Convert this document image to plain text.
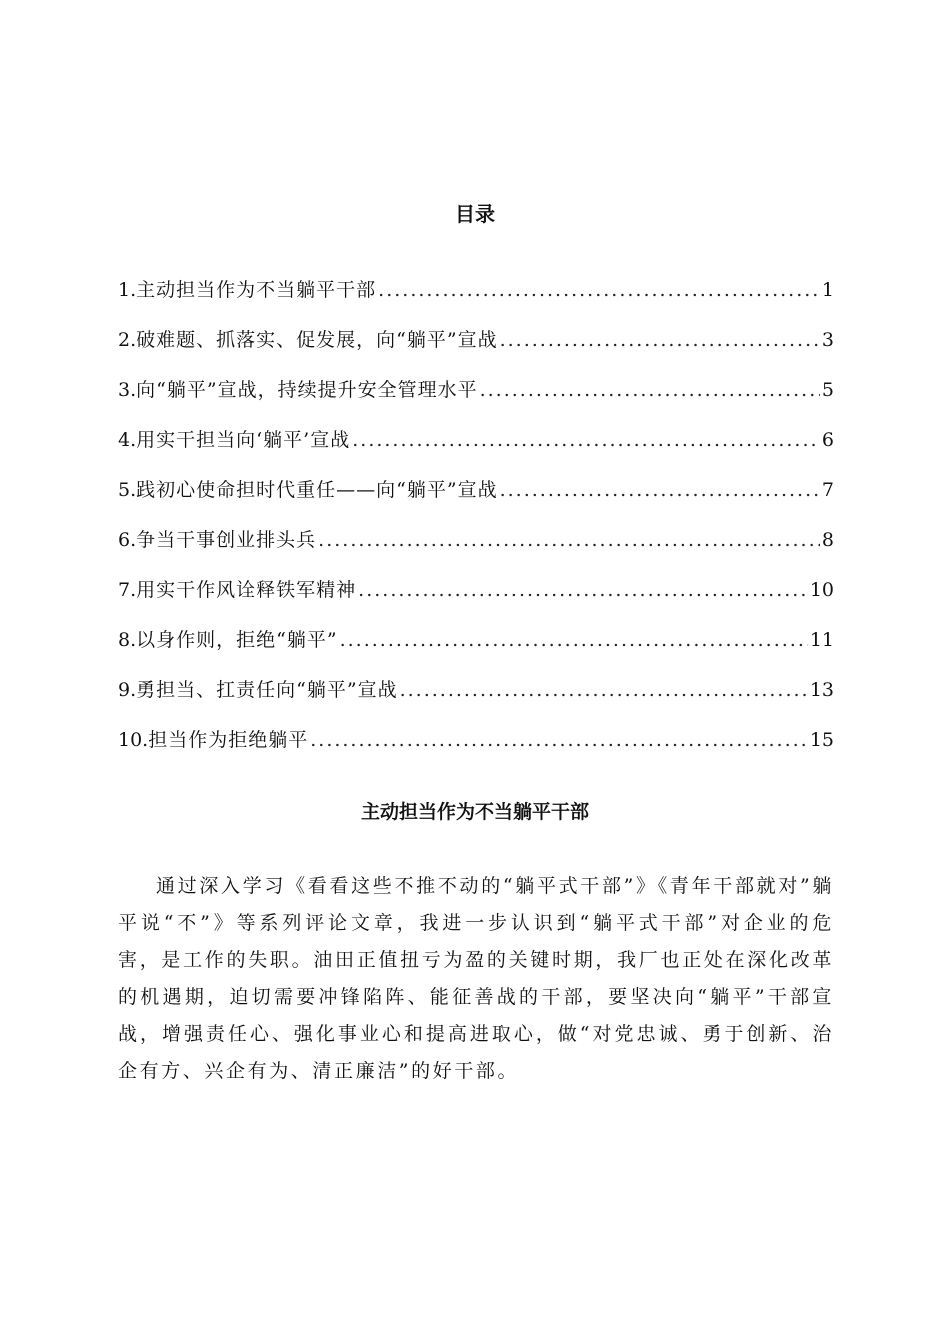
目录
1. 主动担当作为不当躺平干部 .....	1
2. 破难题、抓落实、促发展，向“躺平”宣战 .....	3
3. 向“躺平”宣战，持续提升安全管理水平 .....	5
4. 用实干担当向‘躺平’宣战 .....	6
5. 践初心使命担时代重任——向“躺平”宣战 .....	7
6. 争当干事创业排头兵 .....	8
7. 用实干作风诠释铁军精神 .....	10
8. 以身作则，拒绝“躺平” .....	11
9. 勇担当、扛责任向“躺平”宣战 .....	13
10. 担当作为拒绝躺平 .....	15
主动担当作为不当躺平干部

通过深入学习《看看这些不推不动的“躺平式干部”》《青年干部就对”躺平说“不”》等系列评论文章，我进一步认识到“躺平式干部”对企业的危害，是工作的失职。油田正值扭亏为盈的关键时期，我厂也正处在深化改革的机遇期，迫切需要冲锋陷阵、能征善战的干部，要坚决向“躺平”干部宣战，增强责任心、强化事业心和提高进取心，做“对党忠诚、勇于创新、治企有方、兴企有为、清正廉洁”的好干部。
